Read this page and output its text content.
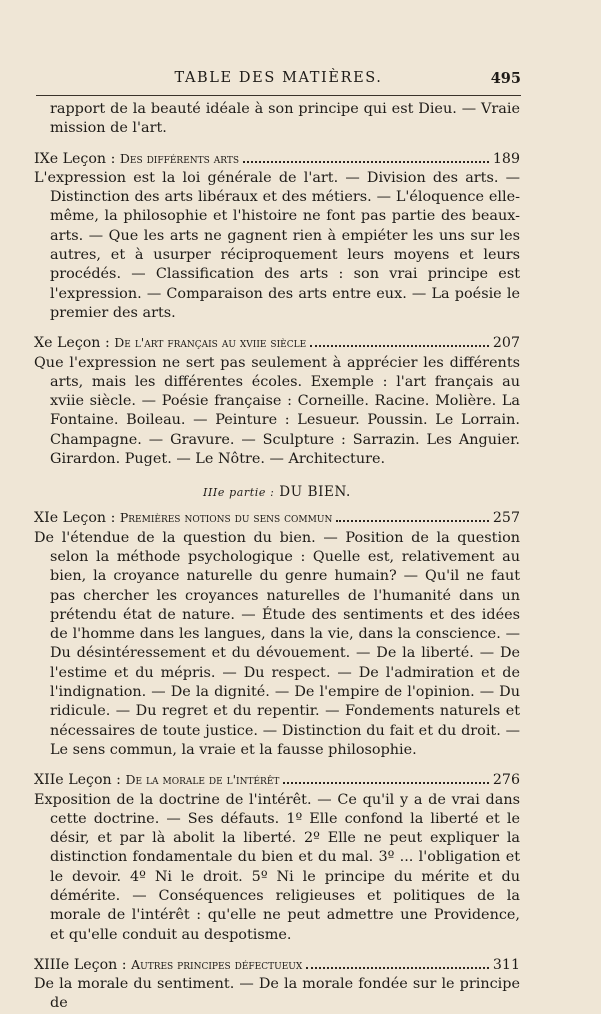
TABLE DES MATIÈRES.	495
rapport de la beauté idéale à son principe qui est Dieu. — Vraie mission de l'art.
IXe Leçon :
Des différents arts	189
L'expression est la loi générale de l'art. — Division des arts. — Distinction des arts libéraux et des métiers. — L'éloquence elle-même, la philosophie et l'histoire ne font pas partie des beaux-arts. — Que les arts ne gagnent rien à empiéter les uns sur les autres, et à usurper réciproquement leurs moyens et leurs procédés. — Classification des arts : son vrai principe est l'expression. — Comparaison des arts entre eux. — La poésie le premier des arts.
Xe Leçon :
De l'art français au xviie siècle	207
Que l'expression ne sert pas seulement à apprécier les différents arts, mais les différentes écoles. Exemple : l'art français au xviie siècle. — Poésie française : Corneille. Racine. Molière. La Fontaine. Boileau. — Peinture : Lesueur. Poussin. Le Lorrain. Champagne. — Gravure. — Sculpture : Sarrazin. Les Anguier. Girardon. Puget. — Le Nôtre. — Architecture.
IIIe partie : DU BIEN.
XIe Leçon :
Premières notions du sens commun	257
De l'étendue de la question du bien. — Position de la question selon la méthode psychologique : Quelle est, relativement au bien, la croyance naturelle du genre humain? — Qu'il ne faut pas chercher les croyances naturelles de l'humanité dans un prétendu état de nature. — Étude des sentiments et des idées de l'homme dans les langues, dans la vie, dans la conscience. — Du désintéressement et du dévouement. — De la liberté. — De l'estime et du mépris. — Du respect. — De l'admiration et de l'indignation. — De la dignité. — De l'empire de l'opinion. — Du ridicule. — Du regret et du repentir. — Fondements naturels et nécessaires de toute justice. — Distinction du fait et du droit. — Le sens commun, la vraie et la fausse philosophie.
XIIe Leçon :
De la morale de l'intérêt	276
Exposition de la doctrine de l'intérêt. — Ce qu'il y a de vrai dans cette doctrine. — Ses défauts. 1º Elle confond la liberté et le désir, et par là abolit la liberté. 2º Elle ne peut expliquer la distinction fondamentale du bien et du mal. 3º ... l'obligation et le devoir. 4º Ni le droit. 5º Ni le principe du mérite et du démérite. — Conséquences religieuses et politiques de la morale de l'intérêt : qu'elle ne peut admettre une Providence, et qu'elle conduit au despotisme.
XIIIe Leçon :
Autres principes défectueux	311
De la morale du sentiment. — De la morale fondée sur le principe de
